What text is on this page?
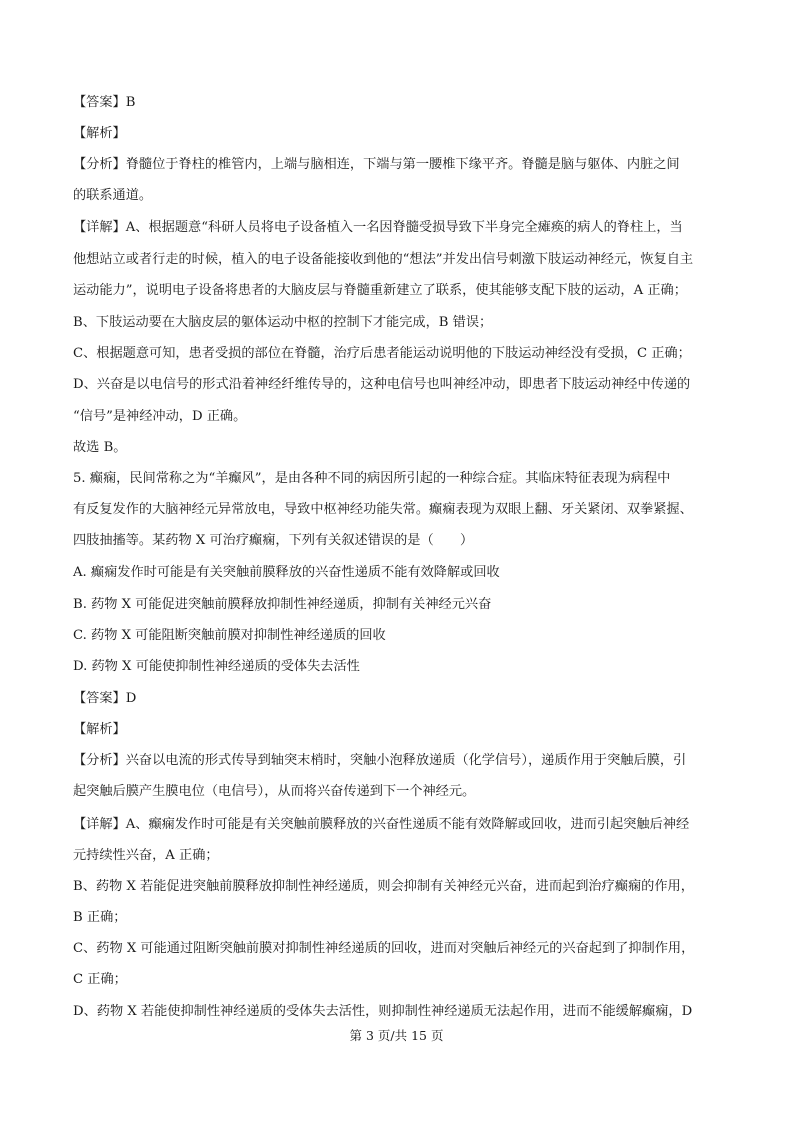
【答案】B
【解析】
【分析】脊髓位于脊柱的椎管内，上端与脑相连，下端与第一腰椎下缘平齐。脊髓是脑与躯体、内脏之间
的联系通道。
【详解】A、根据题意“科研人员将电子设备植入一名因脊髓受损导致下半身完全瘫痪的病人的脊柱上，当
他想站立或者行走的时候，植入的电子设备能接收到他的“想法”并发出信号刺激下肢运动神经元，恢复自主
运动能力”，说明电子设备将患者的大脑皮层与脊髓重新建立了联系，使其能够支配下肢的运动，A 正确；
B、下肢运动要在大脑皮层的躯体运动中枢的控制下才能完成，B 错误；
C、根据题意可知，患者受损的部位在脊髓，治疗后患者能运动说明他的下肢运动神经没有受损，C 正确；
D、兴奋是以电信号的形式沿着神经纤维传导的，这种电信号也叫神经冲动，即患者下肢运动神经中传递的
“信号”是神经冲动，D 正确。
故选 B。
5. 癫痫，民间常称之为“羊癫风”，是由各种不同的病因所引起的一种综合症。其临床特征表现为病程中
有反复发作的大脑神经元异常放电，导致中枢神经功能失常。癫痫表现为双眼上翻、牙关紧闭、双拳紧握、
四肢抽搐等。某药物 X 可治疗癫痫，下列有关叙述错误的是（　　）
A. 癫痫发作时可能是有关突触前膜释放的兴奋性递质不能有效降解或回收
B. 药物 X 可能促进突触前膜释放抑制性神经递质，抑制有关神经元兴奋
C. 药物 X 可能阻断突触前膜对抑制性神经递质的回收
D. 药物 X 可能使抑制性神经递质的受体失去活性
【答案】D
【解析】
【分析】兴奋以电流的形式传导到轴突末梢时，突触小泡释放递质（化学信号），递质作用于突触后膜，引
起突触后膜产生膜电位（电信号），从而将兴奋传递到下一个神经元。
【详解】A、癫痫发作时可能是有关突触前膜释放的兴奋性递质不能有效降解或回收，进而引起突触后神经
元持续性兴奋，A 正确；
B、药物 X 若能促进突触前膜释放抑制性神经递质，则会抑制有关神经元兴奋，进而起到治疗癫痫的作用，
B 正确；
C、药物 X 可能通过阻断突触前膜对抑制性神经递质的回收，进而对突触后神经元的兴奋起到了抑制作用，
C 正确；
D、药物 X 若能使抑制性神经递质的受体失去活性，则抑制性神经递质无法起作用，进而不能缓解癫痫，D
第 3 页/共 15 页
